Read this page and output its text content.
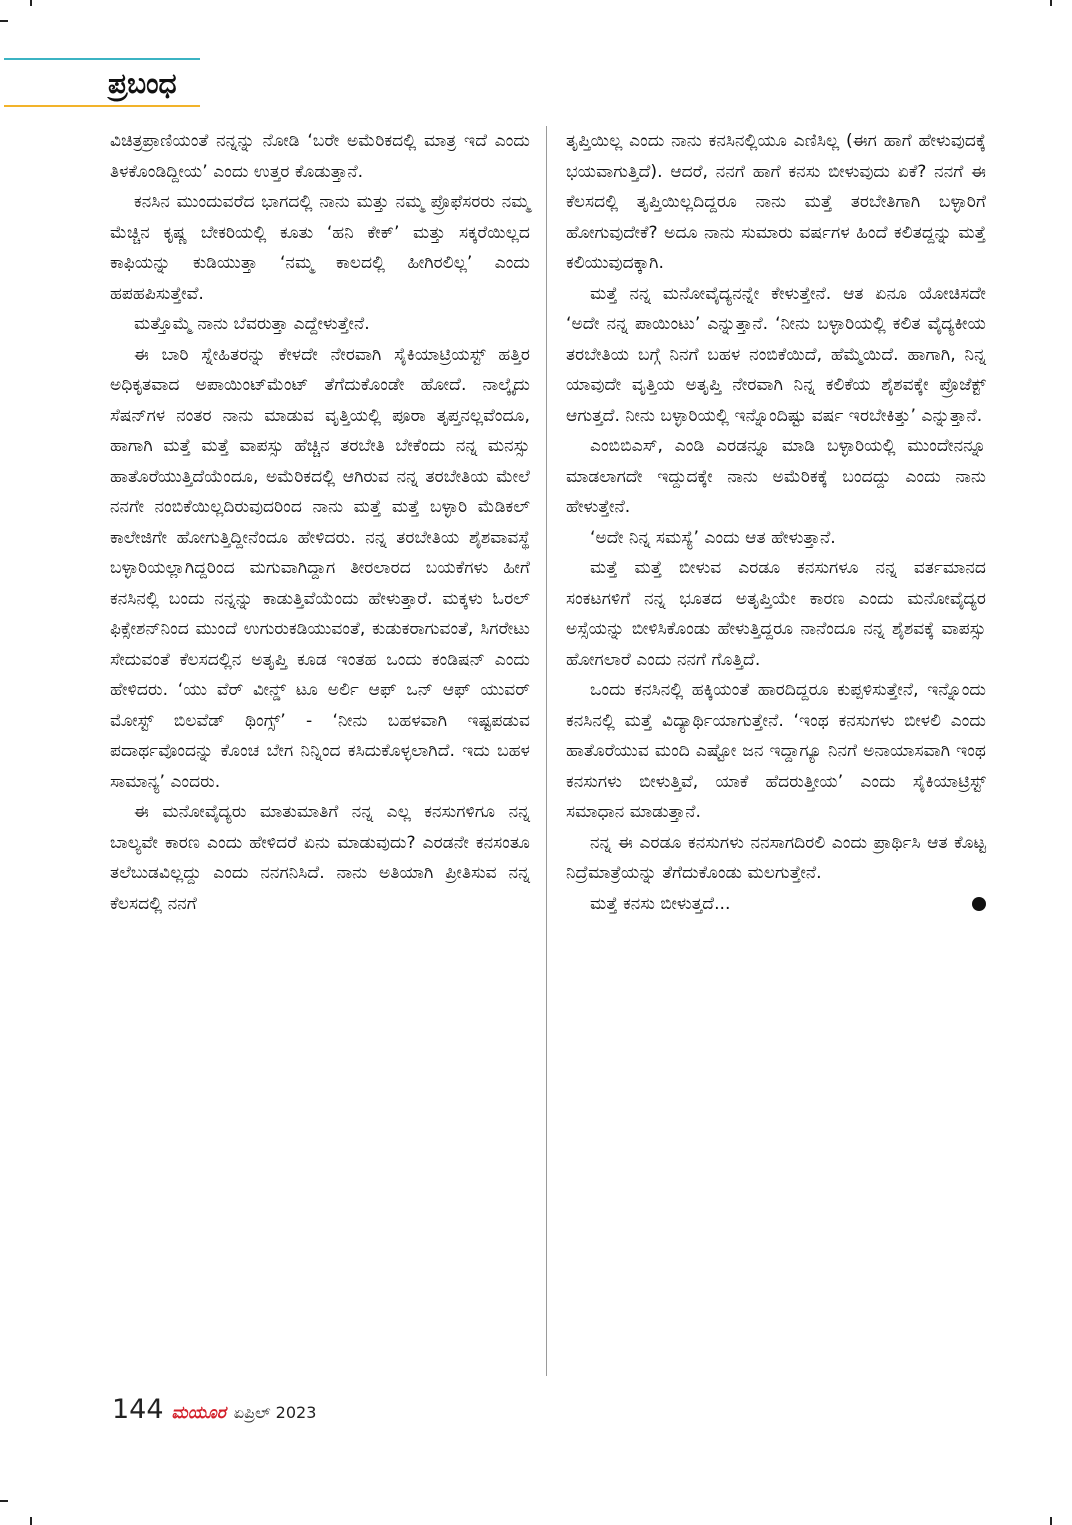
ಪ್ರಬಂಧ

ವಿಚಿತ್ರಪ್ರಾಣಿಯಂತೆ ನನ್ನನ್ನು ನೋಡಿ ‘ಬರೇ ಅಮೆರಿಕದಲ್ಲಿ ಮಾತ್ರ ಇದೆ ಎಂದು ತಿಳಕೊಂಡಿದ್ದೀಯ’ ಎಂದು ಉತ್ತರ ಕೊಡುತ್ತಾನೆ.

ಕನಸಿನ ಮುಂದುವರೆದ ಭಾಗದಲ್ಲಿ ನಾನು ಮತ್ತು ನಮ್ಮ ಪ್ರೊಫೆಸರರು ನಮ್ಮ ಮೆಚ್ಚಿನ ಕೃಷ್ಣ ಬೇಕರಿಯಲ್ಲಿ ಕೂತು ‘ಹನಿ ಕೇಕ್’ ಮತ್ತು ಸಕ್ಕರೆಯಿಲ್ಲದ ಕಾಫಿಯನ್ನು ಕುಡಿಯುತ್ತಾ ‘ನಮ್ಮ ಕಾಲದಲ್ಲಿ ಹೀಗಿರಲಿಲ್ಲ’ ಎಂದು ಹಪಹಪಿಸುತ್ತೇವೆ.

ಮತ್ತೊಮ್ಮೆ ನಾನು ಬೆವರುತ್ತಾ ಎದ್ದೇಳುತ್ತೇನೆ.

ಈ ಬಾರಿ ಸ್ನೇಹಿತರನ್ನು ಕೇಳದೇ ನೇರವಾಗಿ ಸೈಕಿಯಾಟ್ರಿಯಸ್ಟ್ ಹತ್ತಿರ ಅಧಿಕೃತವಾದ ಅಪಾಯಿಂಟ್‌ಮೆಂಟ್ ತೆಗೆದುಕೊಂಡೇ ಹೋದೆ. ನಾಲ್ಕೈದು ಸೆಷನ್‌ಗಳ ನಂತರ ನಾನು ಮಾಡುವ ವೃತ್ತಿಯಲ್ಲಿ ಪೂರಾ ತೃಪ್ತನಲ್ಲವೆಂದೂ, ಹಾಗಾಗಿ ಮತ್ತೆ ಮತ್ತೆ ವಾಪಸ್ಸು ಹೆಚ್ಚಿನ ತರಬೇತಿ ಬೇಕೆಂದು ನನ್ನ ಮನಸ್ಸು ಹಾತೊರೆಯುತ್ತಿದೆಯೆಂದೂ, ಅಮೆರಿಕದಲ್ಲಿ ಆಗಿರುವ ನನ್ನ ತರಬೇತಿಯ ಮೇಲೆ ನನಗೇ ನಂಬಿಕೆಯಿಲ್ಲದಿರುವುದರಿಂದ ನಾನು ಮತ್ತೆ ಮತ್ತೆ ಬಳ್ಳಾರಿ ಮೆಡಿಕಲ್ ಕಾಲೇಜಿಗೇ ಹೋಗುತ್ತಿದ್ದೀನೆಂದೂ ಹೇಳಿದರು. ನನ್ನ ತರಬೇತಿಯ ಶೈಶವಾವಸ್ಥೆ ಬಳ್ಳಾರಿಯಲ್ಲಾಗಿದ್ದರಿಂದ ಮಗುವಾಗಿದ್ದಾಗ ತೀರಲಾರದ ಬಯಕೆಗಳು ಹೀಗೆ ಕನಸಿನಲ್ಲಿ ಬಂದು ನನ್ನನ್ನು ಕಾಡುತ್ತಿವೆಯೆಂದು ಹೇಳುತ್ತಾರೆ. ಮಕ್ಕಳು ಓರಲ್ ಫಿಕ್ಸೇಶನ್‌ನಿಂದ ಮುಂದೆ ಉಗುರುಕಡಿಯುವಂತೆ, ಕುಡುಕರಾಗುವಂತೆ, ಸಿಗರೇಟು ಸೇದುವಂತೆ ಕೆಲಸದಲ್ಲಿನ ಅತೃಪ್ತಿ ಕೂಡ ಇಂತಹ ಒಂದು ಕಂಡಿಷನ್ ಎಂದು ಹೇಳಿದರು. ‘ಯು ವೆರ್ ವೀನ್ಡ್ ಟೂ ಅರ್ಲಿ ಆಫ್ ಒನ್ ಆಫ್ ಯುವರ್ ಮೋಸ್ಟ್ ಬಿಲವೆಡ್ ಥಿಂಗ್ಸ್’ - ‘ನೀನು ಬಹಳವಾಗಿ ಇಷ್ಟಪಡುವ ಪದಾರ್ಥವೊಂದನ್ನು ಕೊಂಚ ಬೇಗ ನಿನ್ನಿಂದ ಕಸಿದುಕೊಳ್ಳಲಾಗಿದೆ. ಇದು ಬಹಳ ಸಾಮಾನ್ಯ’ ಎಂದರು.

ಈ ಮನೋವೈದ್ಯರು ಮಾತುಮಾತಿಗೆ ನನ್ನ ಎಲ್ಲ ಕನಸುಗಳಿಗೂ ನನ್ನ ಬಾಲ್ಯವೇ ಕಾರಣ ಎಂದು ಹೇಳಿದರೆ ಏನು ಮಾಡುವುದು? ಎರಡನೇ ಕನಸಂತೂ ತಲೆಬುಡವಿಲ್ಲದ್ದು ಎಂದು ನನಗನಿಸಿದೆ. ನಾನು ಅತಿಯಾಗಿ ಪ್ರೀತಿಸುವ ನನ್ನ ಕೆಲಸದಲ್ಲಿ ನನಗೆ

ತೃಪ್ತಿಯಿಲ್ಲ ಎಂದು ನಾನು ಕನಸಿನಲ್ಲಿಯೂ ಎಣಿಸಿಲ್ಲ (ಈಗ ಹಾಗೆ ಹೇಳುವುದಕ್ಕೆ ಭಯವಾಗುತ್ತಿದೆ). ಆದರೆ, ನನಗೆ ಹಾಗೆ ಕನಸು ಬೀಳುವುದು ಏಕೆ? ನನಗೆ ಈ ಕೆಲಸದಲ್ಲಿ ತೃಪ್ತಿಯಿಲ್ಲದಿದ್ದರೂ ನಾನು ಮತ್ತೆ ತರಬೇತಿಗಾಗಿ ಬಳ್ಳಾರಿಗೆ ಹೋಗುವುದೇಕೆ? ಅದೂ ನಾನು ಸುಮಾರು ವರ್ಷಗಳ ಹಿಂದೆ ಕಲಿತದ್ದನ್ನು ಮತ್ತೆ ಕಲಿಯುವುದಕ್ಕಾಗಿ.

ಮತ್ತೆ ನನ್ನ ಮನೋವೈದ್ಯನನ್ನೇ ಕೇಳುತ್ತೇನೆ. ಆತ ಏನೂ ಯೋಚಿಸದೇ ‘ಅದೇ ನನ್ನ ಪಾಯಿಂಟು’ ಎನ್ನುತ್ತಾನೆ. ‘ನೀನು ಬಳ್ಳಾರಿಯಲ್ಲಿ ಕಲಿತ ವೈದ್ಯಕೀಯ ತರಬೇತಿಯ ಬಗ್ಗೆ ನಿನಗೆ ಬಹಳ ನಂಬಿಕೆಯಿದೆ, ಹೆಮ್ಮೆಯಿದೆ. ಹಾಗಾಗಿ, ನಿನ್ನ ಯಾವುದೇ ವೃತ್ತಿಯ ಅತೃಪ್ತಿ ನೇರವಾಗಿ ನಿನ್ನ ಕಲಿಕೆಯ ಶೈಶವಕ್ಕೇ ಪ್ರೊಜೆಕ್ಟ್ ಆಗುತ್ತದೆ. ನೀನು ಬಳ್ಳಾರಿಯಲ್ಲಿ ಇನ್ನೊಂದಿಷ್ಟು ವರ್ಷ ಇರಬೇಕಿತ್ತು’ ಎನ್ನುತ್ತಾನೆ.

ಎಂಬಿಬಿಎಸ್, ಎಂಡಿ ಎರಡನ್ನೂ ಮಾಡಿ ಬಳ್ಳಾರಿಯಲ್ಲಿ ಮುಂದೇನನ್ನೂ ಮಾಡಲಾಗದೇ ಇದ್ದುದಕ್ಕೇ ನಾನು ಅಮೆರಿಕಕ್ಕೆ ಬಂದದ್ದು ಎಂದು ನಾನು ಹೇಳುತ್ತೇನೆ.

‘ಅದೇ ನಿನ್ನ ಸಮಸ್ಯೆ’ ಎಂದು ಆತ ಹೇಳುತ್ತಾನೆ.

ಮತ್ತೆ ಮತ್ತೆ ಬೀಳುವ ಎರಡೂ ಕನಸುಗಳೂ ನನ್ನ ವರ್ತಮಾನದ ಸಂಕಟಗಳಿಗೆ ನನ್ನ ಭೂತದ ಅತೃಪ್ತಿಯೇ ಕಾರಣ ಎಂದು ಮನೋವೈದ್ಯರ ಅಸ್ಸೆಯನ್ನು ಬೀಳಿಸಿಕೊಂಡು ಹೇಳುತ್ತಿದ್ದರೂ ನಾನೆಂದೂ ನನ್ನ ಶೈಶವಕ್ಕೆ ವಾಪಸ್ಸು ಹೋಗಲಾರೆ ಎಂದು ನನಗೆ ಗೊತ್ತಿದೆ.

ಒಂದು ಕನಸಿನಲ್ಲಿ ಹಕ್ಕಿಯಂತೆ ಹಾರದಿದ್ದರೂ ಕುಪ್ಪಳಿಸುತ್ತೇನೆ, ಇನ್ನೊಂದು ಕನಸಿನಲ್ಲಿ ಮತ್ತೆ ವಿದ್ಯಾರ್ಥಿಯಾಗುತ್ತೇನೆ. ‘ಇಂಥ ಕನಸುಗಳು ಬೀಳಲಿ ಎಂದು ಹಾತೊರೆಯುವ ಮಂದಿ ಎಷ್ಟೋ ಜನ ಇದ್ದಾಗ್ಯೂ ನಿನಗೆ ಅನಾಯಾಸವಾಗಿ ಇಂಥ ಕನಸುಗಳು ಬೀಳುತ್ತಿವೆ, ಯಾಕೆ ಹೆದರುತ್ತೀಯ’ ಎಂದು ಸೈಕಿಯಾಟ್ರಿಸ್ಟ್ ಸಮಾಧಾನ ಮಾಡುತ್ತಾನೆ.

ನನ್ನ ಈ ಎರಡೂ ಕನಸುಗಳು ನನಸಾಗದಿರಲಿ ಎಂದು ಪ್ರಾರ್ಥಿಸಿ ಆತ ಕೊಟ್ಟ ನಿದ್ರೆಮಾತ್ರೆಯನ್ನು ತೆಗೆದುಕೊಂಡು ಮಲಗುತ್ತೇನೆ.

ಮತ್ತೆ ಕನಸು ಬೀಳುತ್ತದೆ...

144 ಮಯೂರ ಏಪ್ರಿಲ್ 2023
